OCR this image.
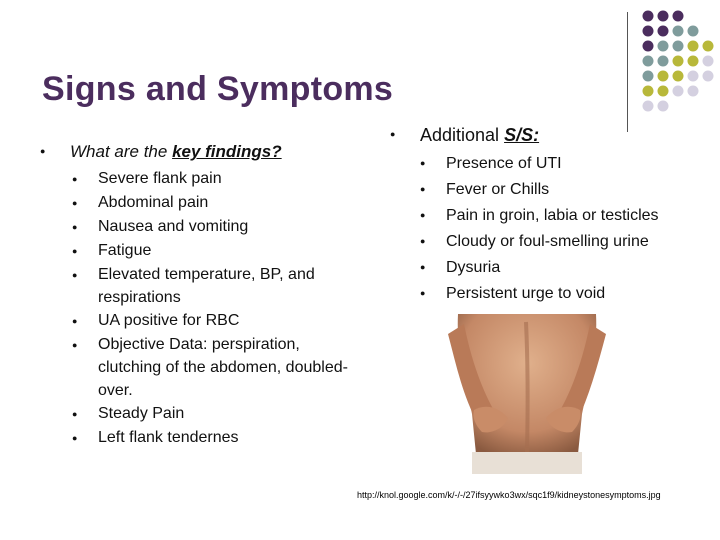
Signs and Symptoms
● What are the key findings?
● Severe flank pain
● Abdominal pain
● Nausea and vomiting
● Fatigue
● Elevated temperature, BP, and respirations
● UA positive for RBC
● Objective Data: perspiration, clutching of the abdomen, doubled-over.
● Steady Pain
● Left flank tendernes
● Additional S/S:
● Presence of UTI
● Fever or Chills
● Pain in groin, labia or testicles
● Cloudy or foul-smelling urine
● Dysuria
● Persistent urge to void
http://knol.google.com/k/-/-/27ifsyywko3wx/sqc1f9/kidneystonesymptoms.jpg
